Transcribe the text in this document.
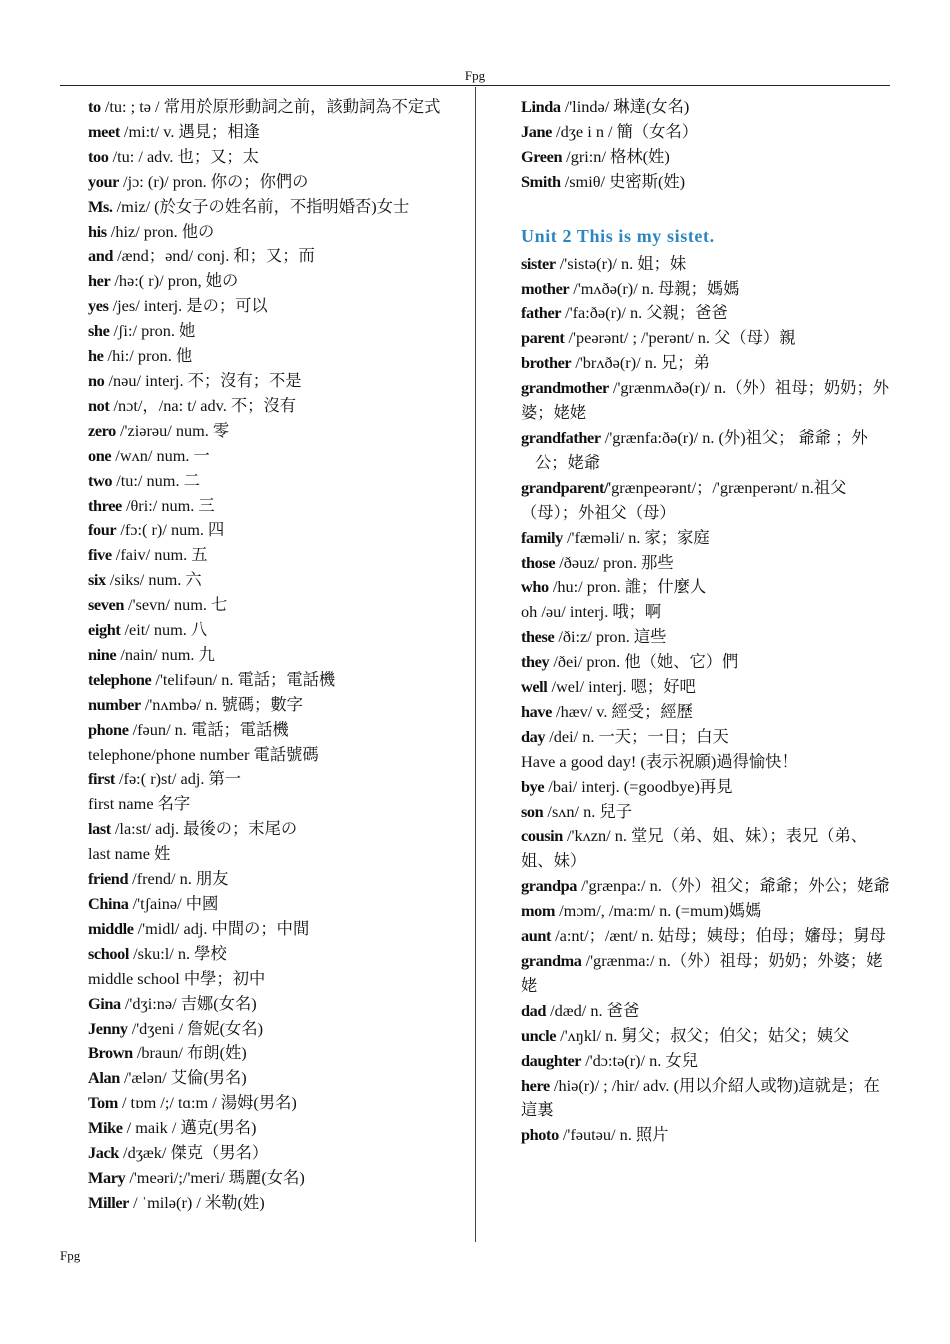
Fpg
to /tu: ; tə / 常用於原形動詞之前，該動詞為不定式
meet /mi:t/ v. 遇見；相逢
too /tu: / adv. 也；又；太
your /jɔ: (r)/ pron. 你の；你們の
Ms. /miz/ (於女子の姓名前，不指明婚否)女士
his /hiz/ pron. 他の
and /ænd；ənd/ conj. 和；又；而
her /hə:( r)/ pron, 她の
yes /jes/ interj. 是の；可以
she /ʃi:/ pron. 她
he /hi:/ pron. 他
no /nəu/ interj. 不；沒有；不是
not /nɔt/，/na: t/ adv. 不；沒有
zero /'ziərəu/ num. 零
one /wʌn/ num. 一
two /tu:/ num. 二
three /θri:/ num. 三
four /fɔ:( r)/ num. 四
five /faiv/ num. 五
six /siks/ num. 六
seven /'sevn/ num. 七
eight /eit/ num. 八
nine /nain/ num. 九
telephone /'telifəun/ n. 電話；電話機
number /'nʌmbə/ n. 號碼；數字
phone /fəun/ n. 電話；電話機
telephone/phone number 電話號碼
first /fə:( r)st/ adj. 第一
first name 名字
last /la:st/ adj. 最後の；末尾の
last name 姓
friend /frend/ n. 朋友
China /'tʃainə/ 中國
middle /'midl/ adj. 中間の；中間
school /sku:l/ n. 學校
middle school 中學；初中
Gina /'dʒi:nə/ 吉娜(女名)
Jenny /'dʒeni / 詹妮(女名)
Brown /braun/ 布朗(姓)
Alan /'ælən/ 艾倫(男名)
Tom / tɒm /;/ tɑ:m / 湯姆(男名)
Mike / maik / 邁克(男名)
Jack /dʒæk/ 傑克（男名）
Mary /'meəri/;/'meri/ 瑪麗(女名)
Miller / ˈmilə(r) / 米勒(姓)
Linda /'lində/ 琳達(女名)
Jane /dʒe i n / 簡（女名）
Green /gri:n/ 格林(姓)
Smith /smiθ/ 史密斯(姓)
Unit 2 This is my sistet.
sister /'sistə(r)/ n. 姐；妹
mother /'mʌðə(r)/ n. 母親；媽媽
father /'fa:ðə(r)/ n. 父親；爸爸
parent /'peərənt/ ; /'perənt/ n. 父（母）親
brother /'brʌðə(r)/ n. 兄；弟
grandmother /'grænmʌðə(r)/ n.（外）祖母；奶奶；外婆；姥姥
grandfather /'grænfa:ðə(r)/ n. (外)祖父； 爺爺 ；外公；姥爺
grandparent/'grænpeərənt/；/'grænperənt/ n.祖父（母）；外祖父（母）
family /'fæməli/ n. 家；家庭
those /ðəuz/ pron. 那些
who /hu:/ pron. 誰；什麼人
oh /əu/ interj. 哦；啊
these /ði:z/ pron. 這些
they /ðei/ pron. 他（她、它）們
well /wel/ interj. 嗯；好吧
have /hæv/ v. 經受；經歷
day /dei/ n. 一天；一日；白天
Have a good day! (表示祝願)過得愉快！
bye /bai/ interj. (=goodbye)再見
son /sʌn/ n. 兒子
cousin /'kʌzn/ n. 堂兄（弟、姐、妹）；表兄（弟、姐、妹）
grandpa /'grænpa:/ n.（外）祖父；爺爺；外公；姥爺
mom /mɔm/, /ma:m/ n. (=mum)媽媽
aunt /a:nt/；/ænt/ n. 姑母；姨母；伯母；嬸母；舅母
grandma /'grænma:/ n.（外）祖母；奶奶；外婆；姥姥
dad /dæd/ n. 爸爸
uncle /'ʌŋkl/ n. 舅父；叔父；伯父；姑父；姨父
daughter /'dɔ:tə(r)/ n. 女兒
here /hiə(r)/ ; /hir/ adv. (用以介紹人或物)這就是；在這裏
photo /'fəutəu/ n. 照片
Fpg
